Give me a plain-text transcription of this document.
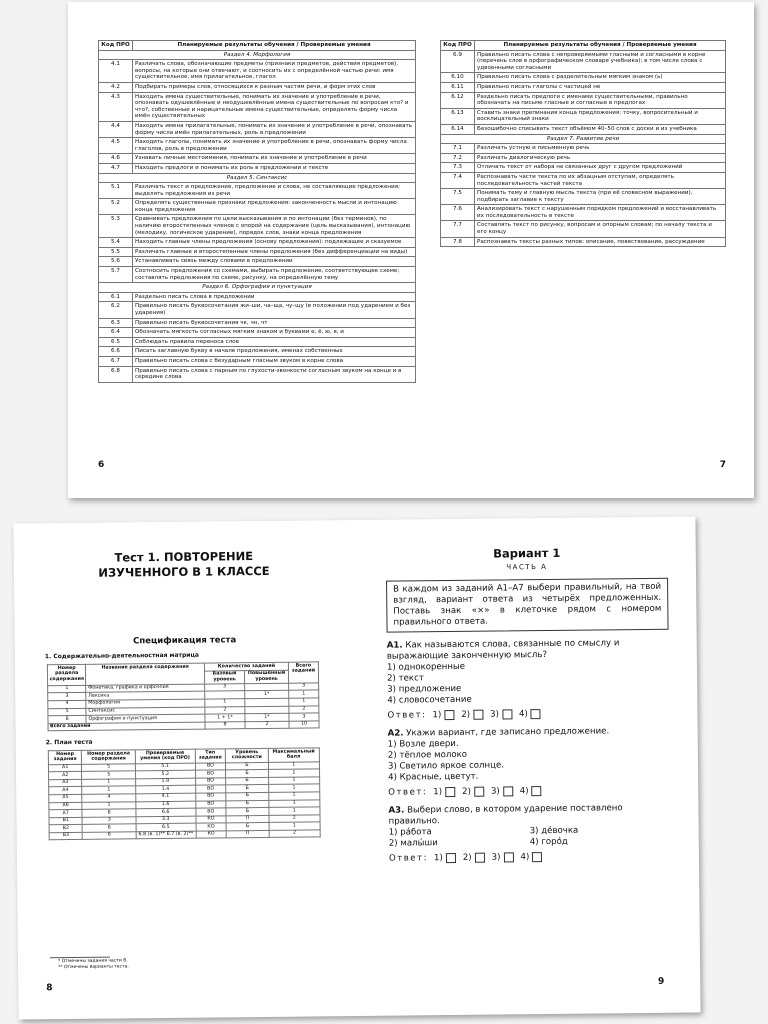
Код ПРО	Планируемые результаты обучения / Проверяемые умения
Раздел 4. Морфология	
4.1	Различать слова, обозначающие предметы (признаки предметов, действия предметов), вопросы, на которые они отвечают, и соотносить их с определённой частью речи: имя существительное, имя прилагательное, глагол
4.2	Подбирать примеры слов, относящихся к разным частям речи, и форм этих слов
4.3	Находить имена существительные, понимать их значение и употребление в речи, опознавать одушевлённые и неодушевлённые имена существительные по вопросам кто? и что?, собственные и нарицательные имена существительные, определять форму числа имён существительных
4.4	Находить имена прилагательные, понимать их значение и употребление в речи, опознавать форму числа имён прилагательных, роль в предложении
4.5	Находить глаголы, понимать их значение и употребление в речи, опознавать форму числа глаголов, роль в предложении
4.6	Узнавать личные местоимения, понимать их значение и употребление в речи
4.7	Находить предлоги и понимать их роль в предложении и тексте
Раздел 5. Синтаксис	
5.1	Различать текст и предложение, предложение и слова, не составляющие предложения; выделять предложения из речи
5.2	Определять существенные признаки предложения: законченность мысли и интонацию конца предложения
5.3	Сравнивать предложения по цели высказывания и по интонации (без терминов), по наличию второстепенных членов с опорой на содержание (цель высказывания), интонацию (мелодику, логическое ударение), порядок слов, знаки конца предложения
5.4	Находить главные члены предложения (основу предложения): подлежащее и сказуемое
5.5	Различать главные и второстепенные члены предложения (без дифференциации на виды)
5.6	Устанавливать связь между словами в предложении
5.7	Соотносить предложения со схемами, выбирать предложение, соответствующее схеме; составлять предложения по схеме, рисунку, на определённую тему
Раздел 6. Орфография и пунктуация	
6.1	Раздельно писать слова в предложении
6.2	Правильно писать буквосочетания жи–ши, ча–ща, чу–щу (в положении под ударением и без ударения)
6.3	Правильно писать буквосочетания чк, чн, чт
6.4	Обозначать мягкость согласных мягким знаком и буквами е, ё, ю, я, и
6.5	Соблюдать правила переноса слов
6.6	Писать заглавную букву в начале предложения, именах собственных
6.7	Правильно писать слова с безударным гласным звуком в корне слова
6.8	Правильно писать слова с парным по глухости-звонкости согласным звуком на конце и в середине слова
6
Код ПРО	Планируемые результаты обучения / Проверяемые умения
6.9	Правильно писать слова с непроверяемыми гласными и согласными в корне (перечень слов в орфографическом словаре учебника); в том числе слова с удвоенными согласными
6.10	Правильно писать слова с разделительным мягким знаком (ь)
6.11	Правильно писать глаголы с частицей не
6.12	Раздельно писать предлоги с именами существительными, правильно обозначать на письме гласные и согласные в предлогах
6.13	Ставить знаки препинания конца предложения: точку, вопросительный и восклицательный знаки
6.14	Безошибочно списывать текст объёмом 40–50 слов с доски и из учебника
Раздел 7. Развитие речи	
7.1	Различать устную и письменную речь
7.2	Различать диалогическую речь
7.3	Отличать текст от набора не связанных друг с другом предложений
7.4	Распознавать части текста по их абзацным отступам, определять последовательность частей текста
7.5	Понимать тему и главную мысль текста (при её словесном выражении), подбирать заглавие к тексту
7.6	Анализировать текст с нарушенным порядком предложений и восстанавливать их последовательность в тексте
7.7	Составлять текст по рисунку, вопросам и опорным словам; по началу текста и его концу
7.8	Распознавать тексты разных типов: описание, повествование, рассуждение
7
Тест 1. ПОВТОРЕНИЕ
ИЗУЧЕННОГО В 1 КЛАССЕ
Спецификация теста
1. Содержательно-деятельностная матрица
Номер раздела содержания	Название раздела содержания	Количество заданий		Всего заданий
		Базовый уровень	Повышенный уровень	
1	Фонетика, графика и орфоэпия	3		3
3	Лексика		1*	1
4	Морфология	1		1
5	Синтаксис	2		2
6	Орфография и пунктуация	1 + 1*	1*	3
Всего заданий		8	2	10
2. План теста
Номер задания	Номер раздела содержания	Проверяемые умения (код ПРО)	Тип задания	Уровень сложности	Максимальный балл
А1	5	5.1	ВО	Б	1
А2	5	5.2	ВО	Б	1
А3	1	1.9	ВО	Б	1
А4	1	1.4	ВО	Б	1
А5	4	4.1	ВО	Б	1
А6	1	1.6	ВО	Б	1
А7	6	6.6	ВО	Б	1
В1	3	3.3	КО	П	2
В2	6	6.5	КО	Б	1
В3	6	6.8 (в. 1)** 6.7 (в. 2)**	КО	П	2
* Отмечены задания части В.
** Отмечены варианты теста.
8
Вариант 1
ЧАСТЬ А
В каждом из заданий А1–А7 выбери правильный, на твой взгляд, вариант ответа из четырёх предложенных. Поставь знак «×» в клеточке рядом с номером правильного ответа.
А1. Как называются слова, связанные по смыслу и выражающие законченную мысль?
1) однокоренные
2) текст
3) предложение
4) словосочетание
Ответ: 1) 2) 3) 4)
А2. Укажи вариант, где записано предложение.
1) Возле двери.
2) тёплое молоко
3) Светило яркое солнце.
4) Красные, цветут.
Ответ: 1) 2) 3) 4)
А3. Выбери слово, в котором ударение поставлено правильно.
1) ра́бота	3) де́вочка
2) малы́ши	4) горо́д
Ответ: 1) 2) 3) 4)
9
